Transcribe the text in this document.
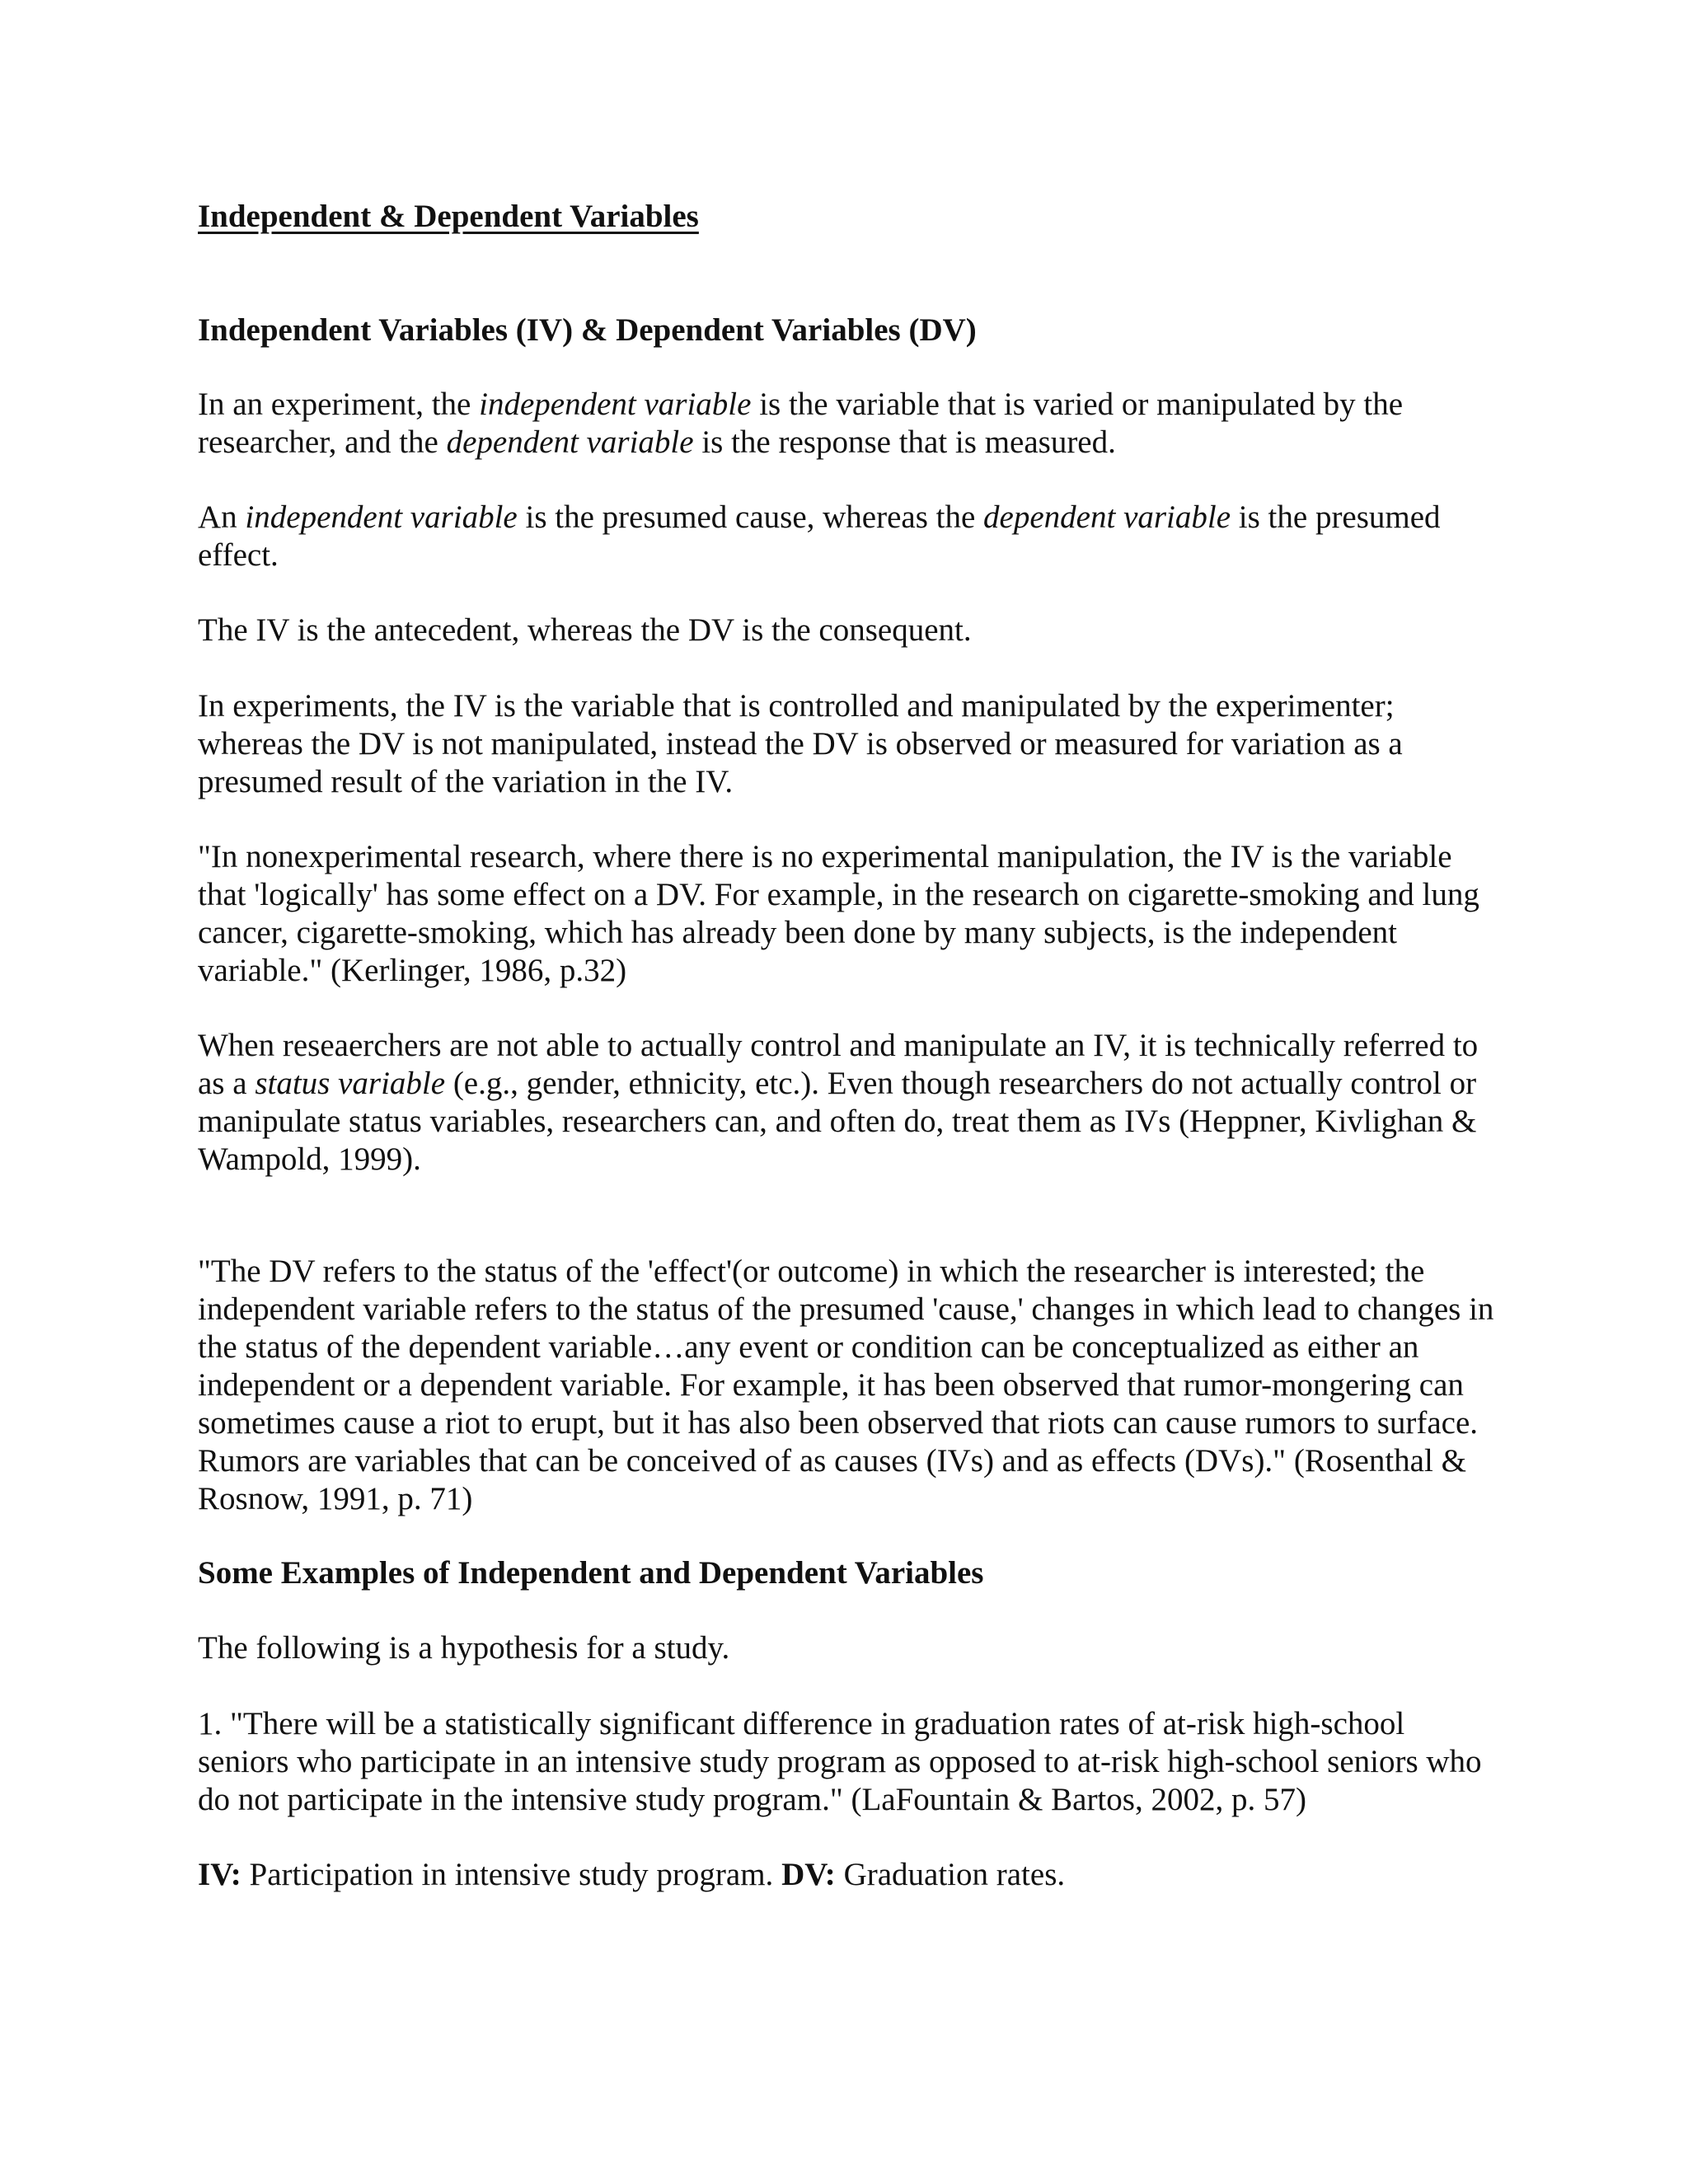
Independent & Dependent Variables

Independent Variables (IV) & Dependent Variables (DV)

In an experiment, the independent variable is the variable that is varied or manipulated by the researcher, and the dependent variable is the response that is measured.

An independent variable is the presumed cause, whereas the dependent variable is the presumed effect.

The IV is the antecedent, whereas the DV is the consequent.

In experiments, the IV is the variable that is controlled and manipulated by the experimenter; whereas the DV is not manipulated, instead the DV is observed or measured for variation as a presumed result of the variation in the IV.

"In nonexperimental research, where there is no experimental manipulation, the IV is the variable that 'logically' has some effect on a DV. For example, in the research on cigarette-smoking and lung cancer, cigarette-smoking, which has already been done by many subjects, is the independent variable." (Kerlinger, 1986, p.32)

When reseaerchers are not able to actually control and manipulate an IV, it is technically referred to as a status variable (e.g., gender, ethnicity, etc.). Even though researchers do not actually control or manipulate status variables, researchers can, and often do, treat them as IVs (Heppner, Kivlighan & Wampold, 1999).

"The DV refers to the status of the 'effect'(or outcome) in which the researcher is interested; the independent variable refers to the status of the presumed 'cause,' changes in which lead to changes in the status of the dependent variable…any event or condition can be conceptualized as either an independent or a dependent variable. For example, it has been observed that rumor-mongering can sometimes cause a riot to erupt, but it has also been observed that riots can cause rumors to surface. Rumors are variables that can be conceived of as causes (IVs) and as effects (DVs)." (Rosenthal & Rosnow, 1991, p. 71)

Some Examples of Independent and Dependent Variables

The following is a hypothesis for a study.

1. "There will be a statistically significant difference in graduation rates of at-risk high-school seniors who participate in an intensive study program as opposed to at-risk high-school seniors who do not participate in the intensive study program." (LaFountain & Bartos, 2002, p. 57)

IV: Participation in intensive study program. DV: Graduation rates.
